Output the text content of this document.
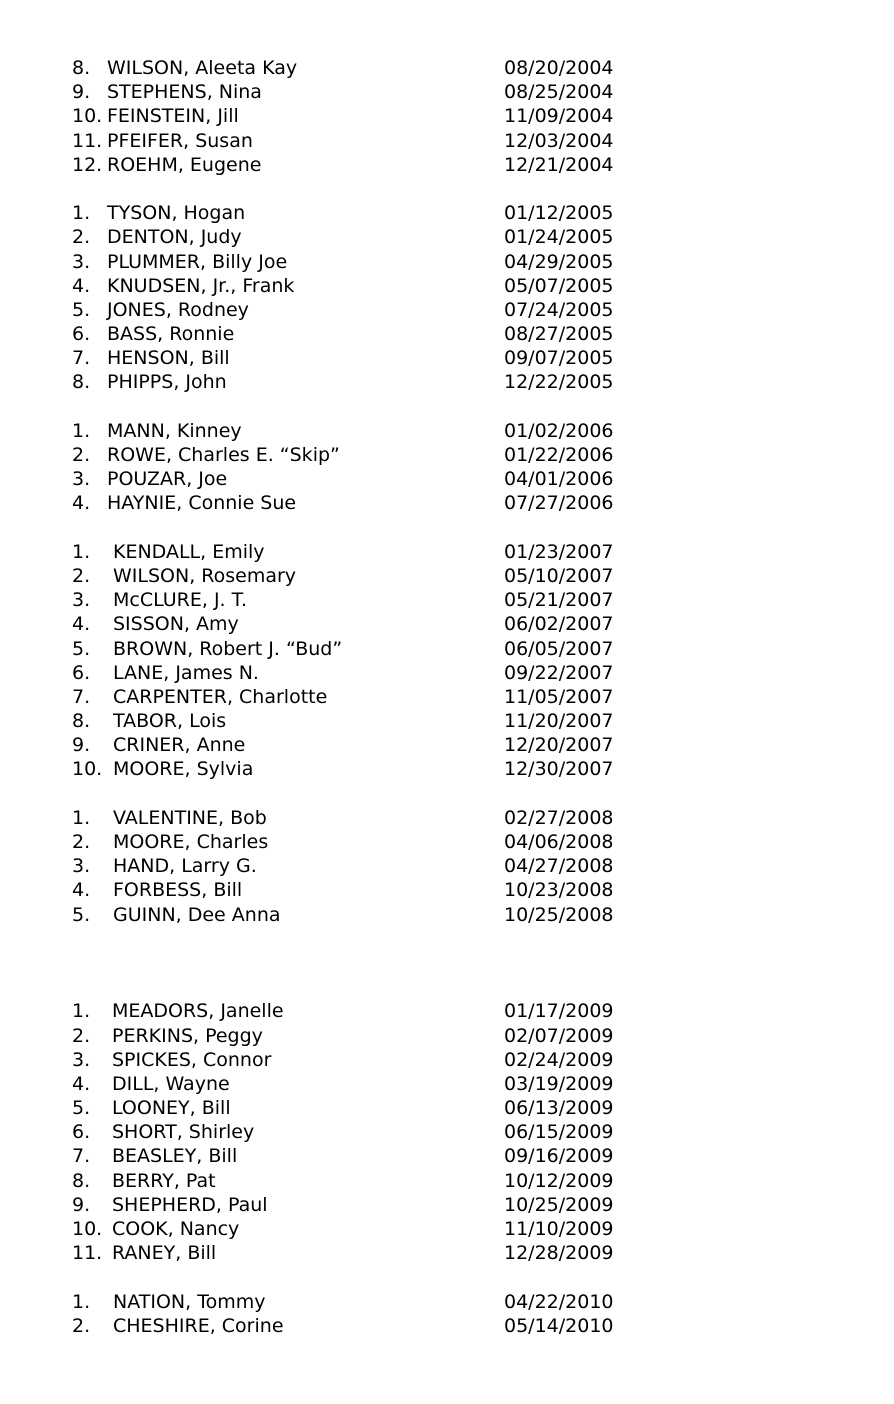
8. WILSON, Aleeta Kay	08/20/2004
9. STEPHENS, Nina	08/25/2004
10. FEINSTEIN, Jill	11/09/2004
11. PFEIFER, Susan	12/03/2004
12. ROEHM, Eugene	12/21/2004
1. TYSON, Hogan	01/12/2005
2. DENTON, Judy	01/24/2005
3. PLUMMER, Billy Joe	04/29/2005
4. KNUDSEN, Jr., Frank	05/07/2005
5. JONES, Rodney	07/24/2005
6. BASS, Ronnie	08/27/2005
7. HENSON, Bill	09/07/2005
8. PHIPPS, John	12/22/2005
1. MANN, Kinney	01/02/2006
2. ROWE, Charles E. “Skip”	01/22/2006
3. POUZAR, Joe	04/01/2006
4. HAYNIE, Connie Sue	07/27/2006
1.	KENDALL, Emily	01/23/2007
2.	WILSON, Rosemary	05/10/2007
3.	McCLURE, J. T.	05/21/2007
4.	SISSON, Amy	06/02/2007
5.	BROWN, Robert J. “Bud”	06/05/2007
6.	LANE, James N.	09/22/2007
7.	CARPENTER, Charlotte	11/05/2007
8.	TABOR, Lois	11/20/2007
9.	CRINER, Anne	12/20/2007
10. MOORE, Sylvia	12/30/2007
1.	VALENTINE, Bob	02/27/2008
2.	MOORE, Charles	04/06/2008
3.	HAND, Larry G.	04/27/2008
4.	FORBESS, Bill	10/23/2008
5.	GUINN, Dee Anna	10/25/2008
1.	MEADORS, Janelle	01/17/2009
2.	PERKINS, Peggy	02/07/2009
3.	SPICKES, Connor	02/24/2009
4.	DILL, Wayne	03/19/2009
5.	LOONEY, Bill	06/13/2009
6.	SHORT, Shirley	06/15/2009
7.	BEASLEY, Bill	09/16/2009
8.	BERRY, Pat	10/12/2009
9.	SHEPHERD, Paul	10/25/2009
10. COOK, Nancy	11/10/2009
11. RANEY, Bill	12/28/2009
1.	NATION, Tommy	04/22/2010
2.	CHESHIRE, Corine	05/14/2010
